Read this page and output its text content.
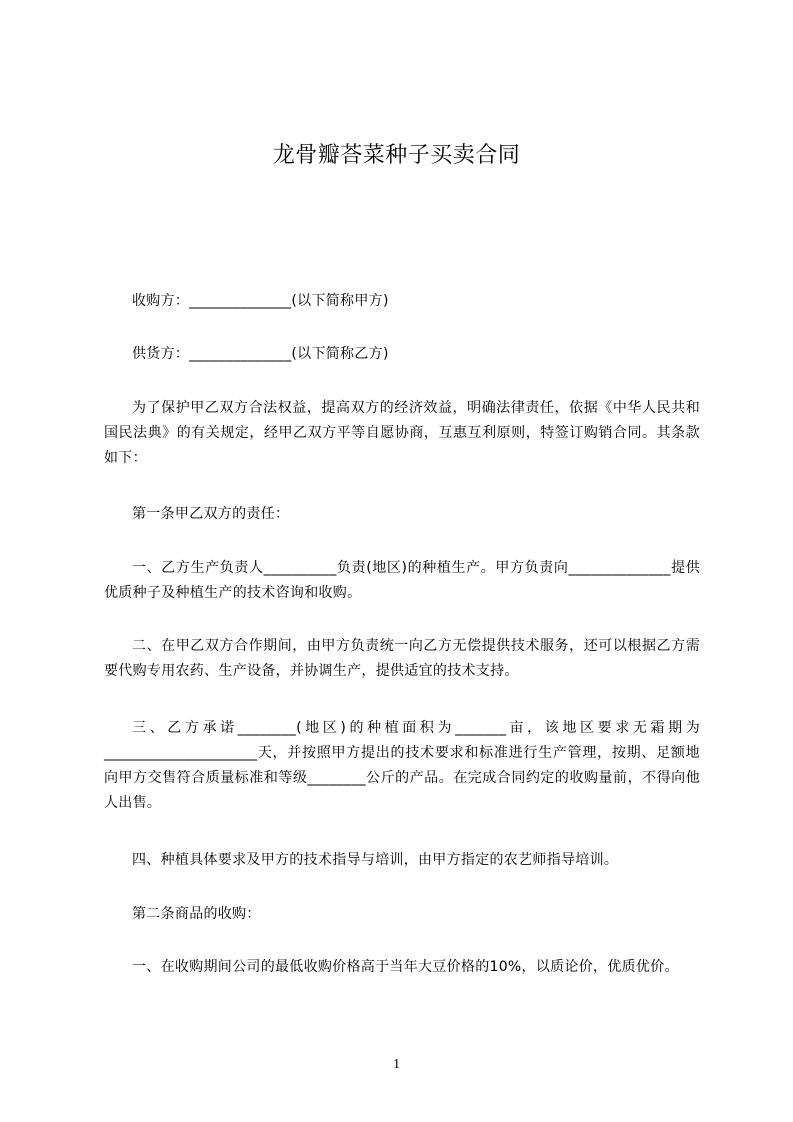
龙骨瓣荅菜种子买卖合同

收购方：______________(以下简称甲方)

供货方：______________(以下简称乙方)

为了保护甲乙双方合法权益，提高双方的经济效益，明确法律责任，依据《中华人民共和国民法典》的有关规定，经甲乙双方平等自愿协商，互惠互利原则，特签订购销合同。其条款如下：

第一条甲乙双方的责任：

一、乙方生产负责人__________负责(地区)的种植生产。甲方负责向______________提供优质种子及种植生产的技术咨询和收购。

二、在甲乙双方合作期间，由甲方负责统一向乙方无偿提供技术服务，还可以根据乙方需要代购专用农药、生产设备，并协调生产，提供适宜的技术支持。

三、乙方承诺________(地区)的种植面积为_______亩，该地区要求无霜期为_____________________天，并按照甲方提出的技术要求和标准进行生产管理，按期、足额地向甲方交售符合质量标准和等级________公斤的产品。在完成合同约定的收购量前，不得向他人出售。

四、种植具体要求及甲方的技术指导与培训，由甲方指定的农艺师指导培训。

第二条商品的收购：

一、在收购期间公司的最低收购价格高于当年大豆价格的10%，以质论价，优质优价。

1
